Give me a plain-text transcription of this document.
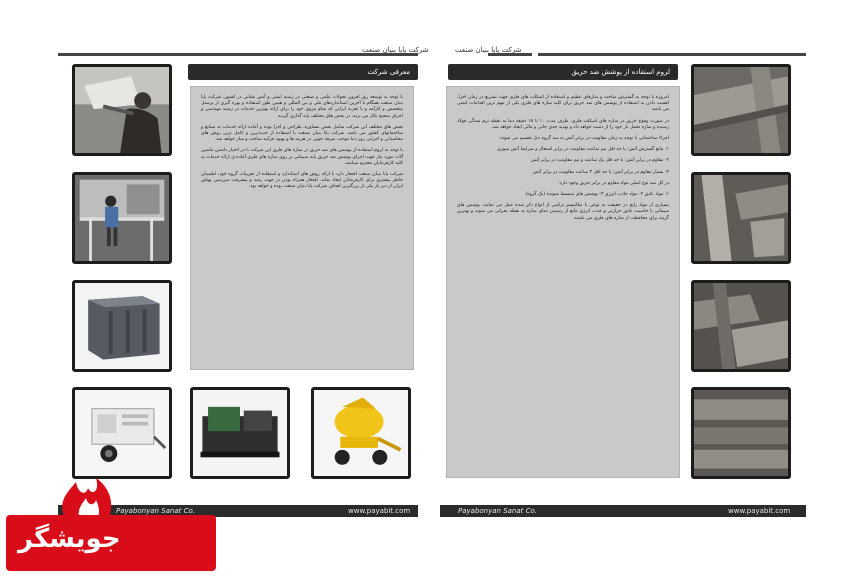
شرکت پایا بنیان صنعت	شرکت پایا بنیان صنعت
معرفی شرکت

با توجه به توسعه روز افزون تحولات علمی و صنعتی در زمینه ایمنی و آتش نشانی در کشور، شرکت پایا بنیان صنعت همگام با آخرین استانداردهای ملی و بین المللی و همین طور استفاده و بهره گیری از پرسنل متخصص و کارآمد و با تجربه ایرانی که تمام نیروی خود را برای ارائه بهترین خدمات در زمینه مهندسی و اجرای صحیح بکار می برند، در بخش های مختلف پایه گذاری گردید.

بخش های مختلف این شرکت شامل بخش مشاوره، طراحی و اجرا بوده و آماده ارائه خدمات به صنایع و ساختمانهای کشور می باشد. شرکت پایا بنیان صنعت با استفاده از جدیدترین و کامل ترین روش های محاسباتی و اجرایی روز دنیا موجب صرفه جویی در هزینه ها و بهبود فرآیند ساخت و ساز خواهد شد.

با توجه به لزوم استفاده از پوشش های ضد حریق در سازه های فلزی این شرکت با در اختیار داشتن ماشین آلات مورد نیاز جهت اجرای پوشش ضد حریق پایه سیمانی بر روی سازه های فلزی آماده ی ارائه خدمات به کلیه کارفرمایان محترم میباشد.

شرکت پایا بنیان صنعت افتخار دارد با ارائه روش های استاندارد و استفاده از تجربیات گروه خود، اطمینان خاطر بیشتری برای کارفرمایان ایجاد نماید. افتخار همراه بودن در جهت رشد و پیشرفت سرزمین پهناور ایران از دیر باز یکی از بزرگترین اهداف شرکت پایا بنیان صنعت بوده و خواهد بود.

لزوم استفاده از پوشش ضد حریق

امروزه با توجه به گسترش ساخت و سازهای عظیم و استفاده از اسکلت های فلزی جهت تسریع در زمان اجرا، اهمیت دادن به استفاده از پوشش های ضد حریق برای کلیه سازه های فلزی یکی از مهم ترین اقدامات ایمنی می باشد.

در صورت وقوع حریق در سازه های اسکلت فلزی، ظرف مدت ۱۰ تا ۱۵ دقیقه دما به نقطه نرم شدگی فولاد رسیده و سازه تحمل بار خود را از دست خواهد داد و تهدید جدی جانی و مالی ایجاد خواهد شد.

اجزاء ساختمانی با توجه به زمان مقاومت در برابر آتش به سه گروه ذیل تقسیم می شوند:

۱- مانع گسترش آتش: با حد اقل نیم ساعت مقاومت در برابر اشتعال و شرایط آتش سوزی

۲- مقاوم در برابر آتش: با حد اقل یک ساعت و نیم مقاومت در برابر آتش

۳- بسیار مقاوم در برابر آتش: با حد اقل ۳ ساعت مقاومت در برابر آتش

در کل سه نوع اصلی مواد مقاوم در برابر حریق وجود دارد:

۱- مواد عایق ۲- مواد جاذب انرژی ۳- پوشش های منبسط شونده (یک گروه)

بسیاری از مواد رایج در حقیقت به نوعی با مکانیسم ترکیبی از انواع ذکر شده عمل می نمایند. پوشش های سیمانی با خاصیت عایق حرارتی و جذب انرژی مانع از رسیدن دمای سازه به نقطه بحرانی می شوند و بهترین گزینه برای محافظت از سازه های فلزی می باشند.

Payabonyan Sanat Co.	www.payabit.com	Payabonyan Sanat Co.	www.payabit.com
جویشگر
